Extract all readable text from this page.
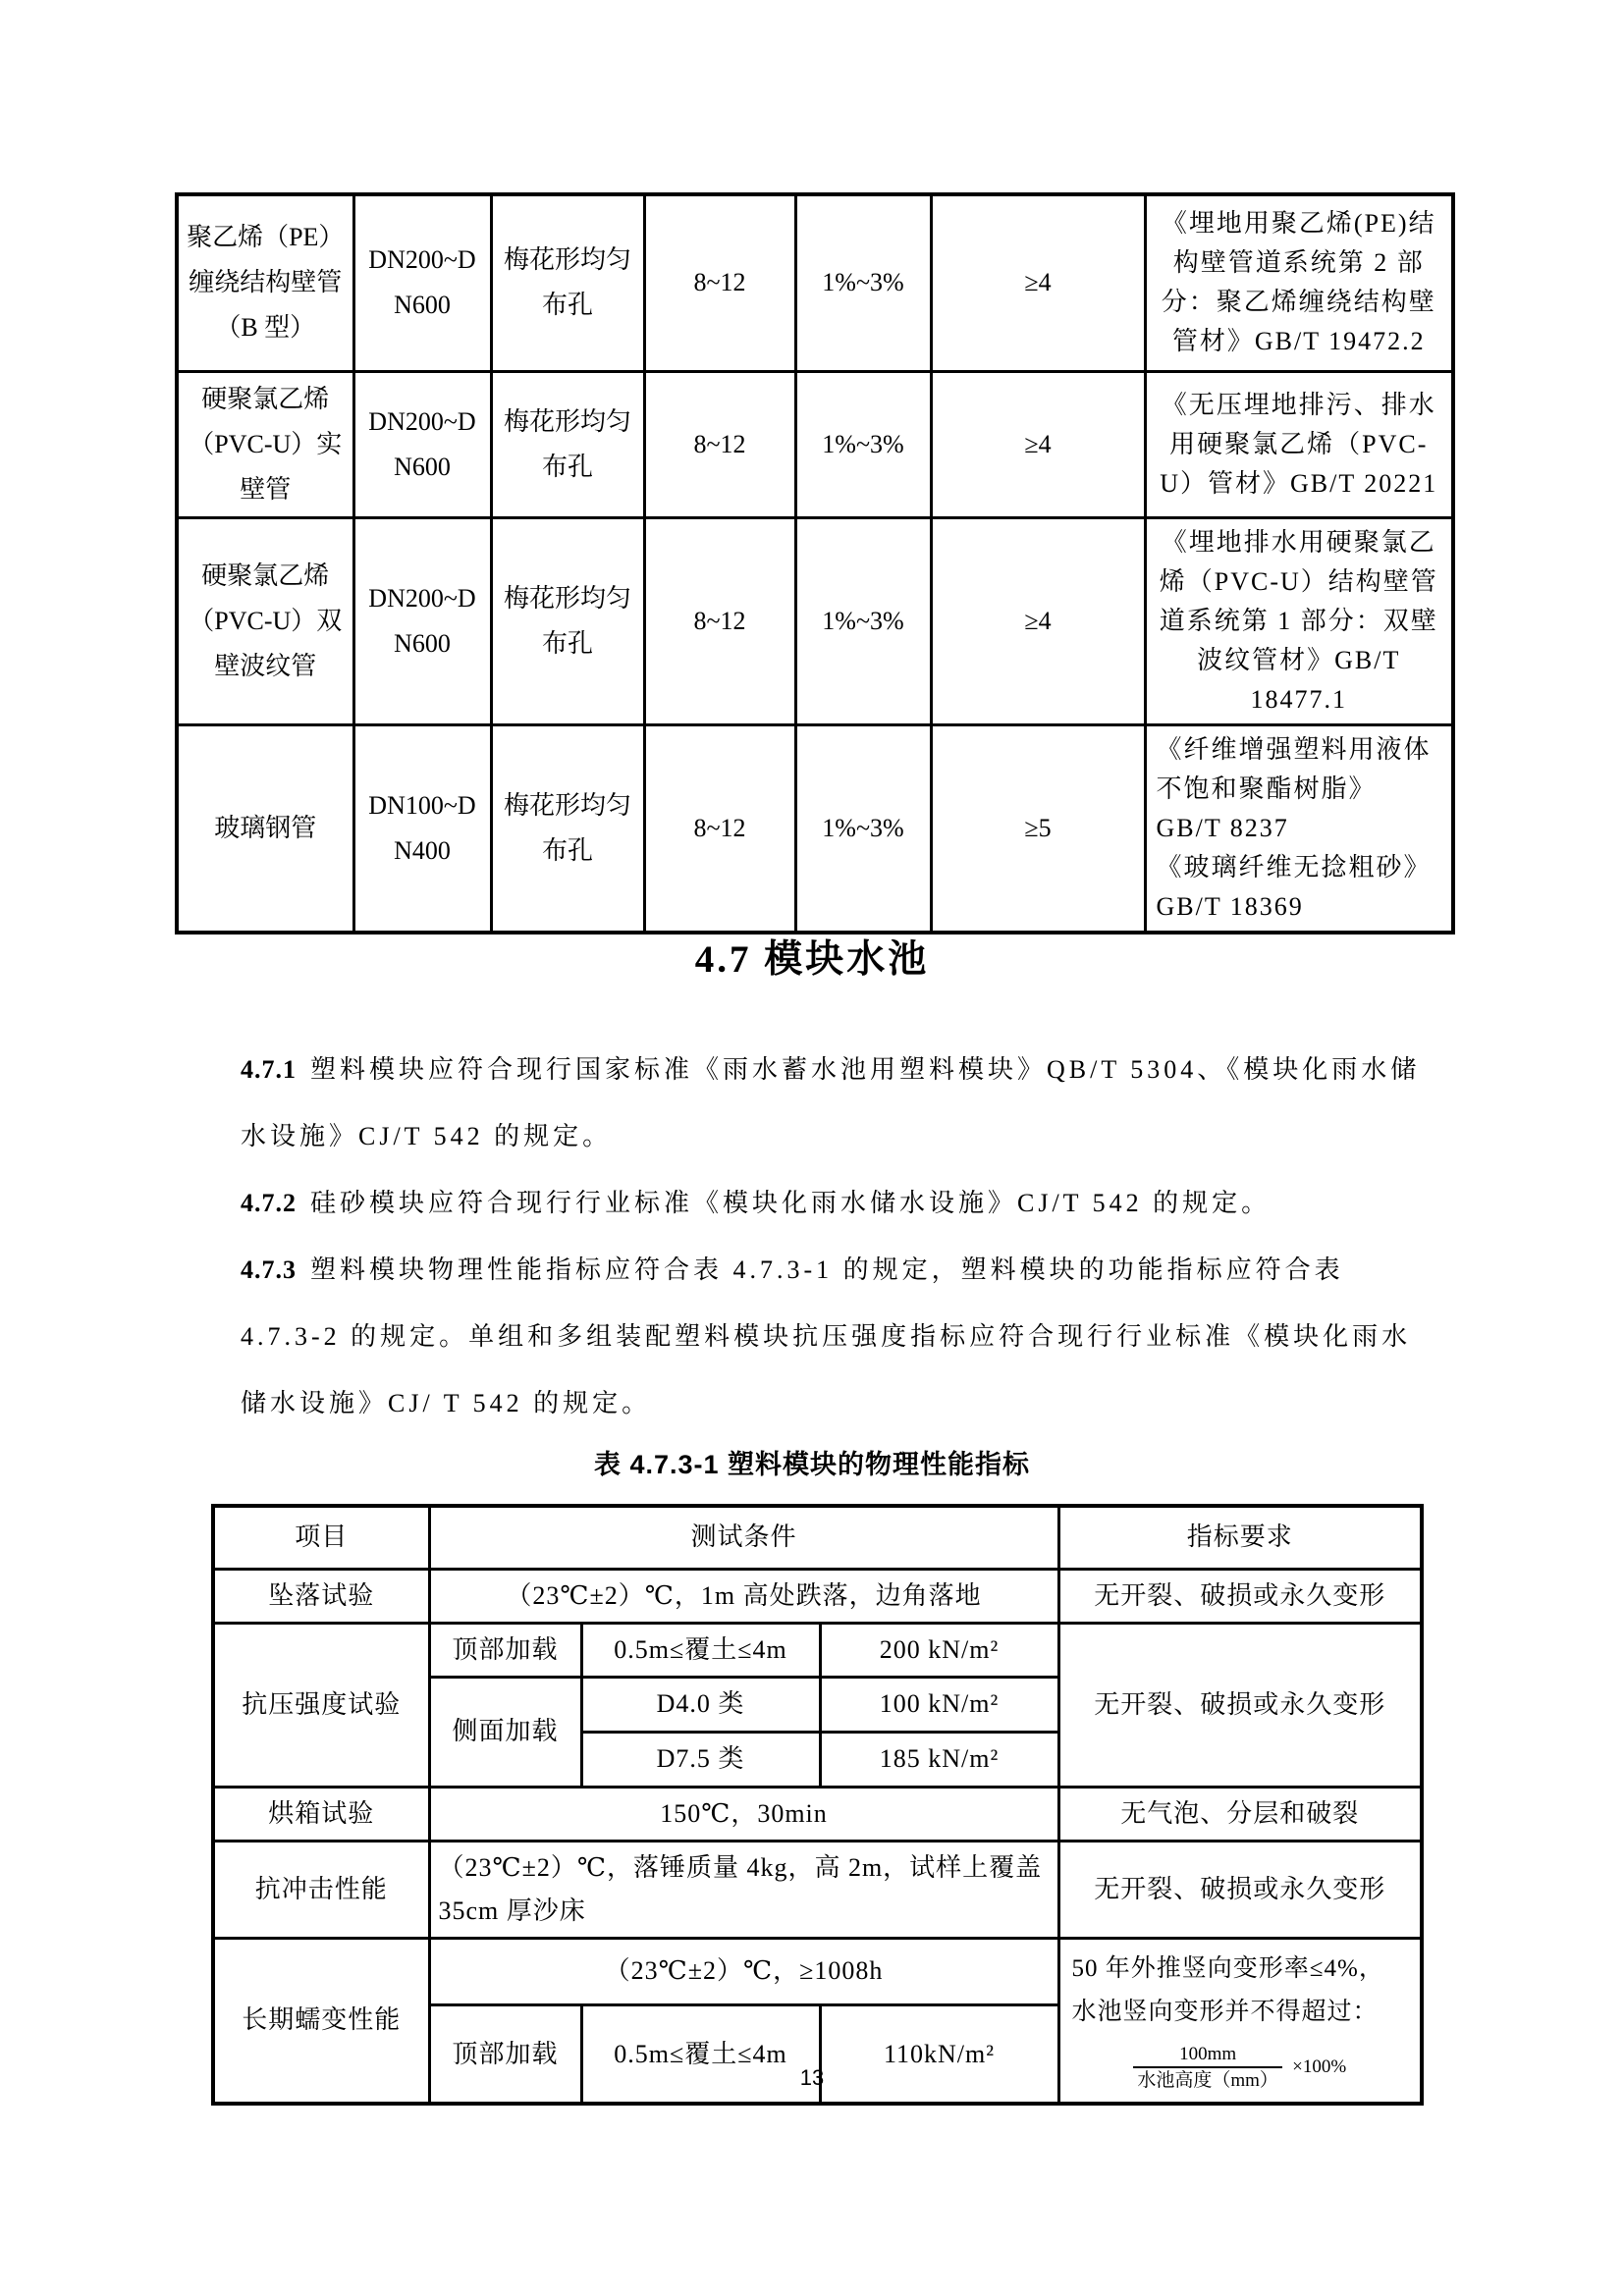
聚乙烯（PE）缠绕结构壁管（B 型）	DN200~DN600	梅花形均匀布孔	8~12	1%~3%	≥4	《埋地用聚乙烯(PE)结构壁管道系统第 2 部分：聚乙烯缠绕结构壁管材》GB/T 19472.2

硬聚氯乙烯（PVC-U）实壁管	DN200~DN600	梅花形均匀布孔	8~12	1%~3%	≥4	《无压埋地排污、排水用硬聚氯乙烯（PVC-U）管材》GB/T 20221

硬聚氯乙烯（PVC-U）双壁波纹管	DN200~DN600	梅花形均匀布孔	8~12	1%~3%	≥4	《埋地排水用硬聚氯乙烯（PVC-U）结构壁管道系统第 1 部分：双壁波纹管材》GB/T 18477.1

玻璃钢管	DN100~DN400	梅花形均匀布孔	8~12	1%~3%	≥5	《纤维增强塑料用液体不饱和聚酯树脂》GB/T 8237
《玻璃纤维无捻粗砂》GB/T 18369
4.7 模块水池

4.7.1 塑料模块应符合现行国家标准《雨水蓄水池用塑料模块》QB/T 5304、《模块化雨水储水设施》CJ/T 542 的规定。

4.7.2 硅砂模块应符合现行行业标准《模块化雨水储水设施》CJ/T 542 的规定。

4.7.3 塑料模块物理性能指标应符合表 4.7.3-1 的规定，塑料模块的功能指标应符合表 4.7.3-2 的规定。单组和多组装配塑料模块抗压强度指标应符合现行行业标准《模块化雨水储水设施》CJ/ T 542 的规定。

表 4.7.3-1 塑料模块的物理性能指标
项目	测试条件			指标要求
坠落试验	（23℃±2）℃，1m 高处跌落，边角落地			无开裂、破损或永久变形
抗压强度试验	顶部加载	0.5m≤覆土≤4m	200 kN/m²	无开裂、破损或永久变形
	侧面加载	D4.0 类	100 kN/m²	
		D7.5 类	185 kN/m²	
烘箱试验	150℃，30min			无气泡、分层和破裂
抗冲击性能	（23℃±2）℃，落锤质量 4kg，高 2m，试样上覆盖 35cm 厚沙床			无开裂、破损或永久变形
长期蠕变性能	（23℃±2）℃，≥1008h			50 年外推竖向变形率≤4%，水池竖向变形并不得超过：
$\frac{100mm}{\text{水池高度（mm）}} \times 100\%$

	顶部加载	0.5m≤覆土≤4m	110kN/m²	
13
